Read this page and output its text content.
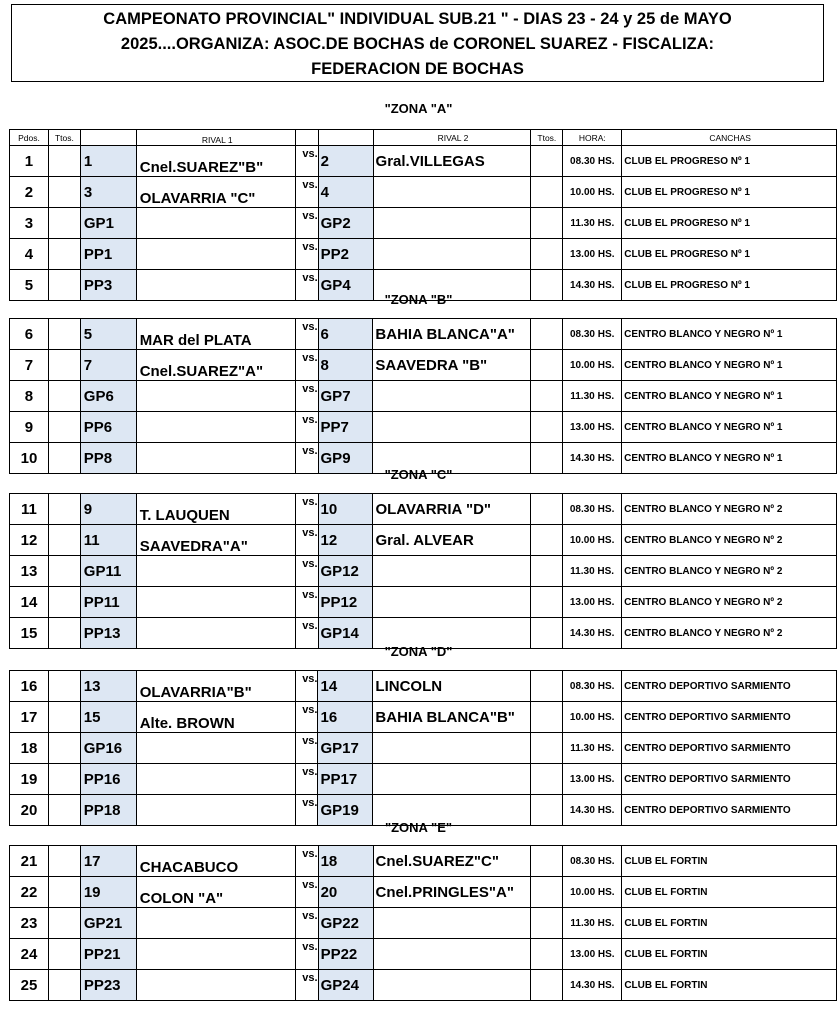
CAMPEONATO PROVINCIAL" INDIVIDUAL SUB.21 " - DIAS 23 - 24 y 25 de MAYO
2025....ORGANIZA: ASOC.DE BOCHAS de CORONEL SUAREZ - FISCALIZA:
FEDERACION DE BOCHAS
"ZONA "A"
Pdos.	Ttos.		RIVAL 1			RIVAL 2	Ttos.	HORA:	CANCHAS
1		1	Cnel.SUAREZ"B"	vs.	2	Gral.VILLEGAS		08.30 HS.	CLUB EL PROGRESO Nº 1
2		3	OLAVARRIA "C"	vs.	4			10.00 HS.	CLUB EL PROGRESO Nº 1
3		GP1		vs.	GP2			11.30 HS.	CLUB EL PROGRESO Nº 1
4		PP1		vs.	PP2			13.00 HS.	CLUB EL PROGRESO Nº 1
5		PP3		vs.	GP4			14.30 HS.	CLUB EL PROGRESO Nº 1
"ZONA "B"
6		5	MAR del PLATA	vs.	6	BAHIA BLANCA"A"		08.30 HS.	CENTRO BLANCO Y NEGRO Nº 1
7		7	Cnel.SUAREZ"A"	vs.	8	SAAVEDRA "B"		10.00 HS.	CENTRO BLANCO Y NEGRO Nº 1
8		GP6		vs.	GP7			11.30 HS.	CENTRO BLANCO Y NEGRO Nº 1
9		PP6		vs.	PP7			13.00 HS.	CENTRO BLANCO Y NEGRO Nº 1
10		PP8		vs.	GP9			14.30 HS.	CENTRO BLANCO Y NEGRO Nº 1
"ZONA "C"
11		9	T. LAUQUEN	vs.	10	OLAVARRIA "D"		08.30 HS.	CENTRO BLANCO Y NEGRO Nº 2
12		11	SAAVEDRA"A"	vs.	12	Gral. ALVEAR		10.00 HS.	CENTRO BLANCO Y NEGRO Nº 2
13		GP11		vs.	GP12			11.30 HS.	CENTRO BLANCO Y NEGRO Nº 2
14		PP11		vs.	PP12			13.00 HS.	CENTRO BLANCO Y NEGRO Nº 2
15		PP13		vs.	GP14			14.30 HS.	CENTRO BLANCO Y NEGRO Nº 2
"ZONA "D"
16		13	OLAVARRIA"B"	vs.	14	LINCOLN		08.30 HS.	CENTRO DEPORTIVO SARMIENTO
17		15	Alte. BROWN	vs.	16	BAHIA BLANCA"B"		10.00 HS.	CENTRO DEPORTIVO SARMIENTO
18		GP16		vs.	GP17			11.30 HS.	CENTRO DEPORTIVO SARMIENTO
19		PP16		vs.	PP17			13.00 HS.	CENTRO DEPORTIVO SARMIENTO
20		PP18		vs.	GP19			14.30 HS.	CENTRO DEPORTIVO SARMIENTO
"ZONA "E"
21		17	CHACABUCO	vs.	18	Cnel.SUAREZ"C"		08.30 HS.	CLUB EL FORTIN
22		19	COLON "A"	vs.	20	Cnel.PRINGLES"A"		10.00 HS.	CLUB EL FORTIN
23		GP21		vs.	GP22			11.30 HS.	CLUB EL FORTIN
24		PP21		vs.	PP22			13.00 HS.	CLUB EL FORTIN
25		PP23		vs.	GP24			14.30 HS.	CLUB EL FORTIN
